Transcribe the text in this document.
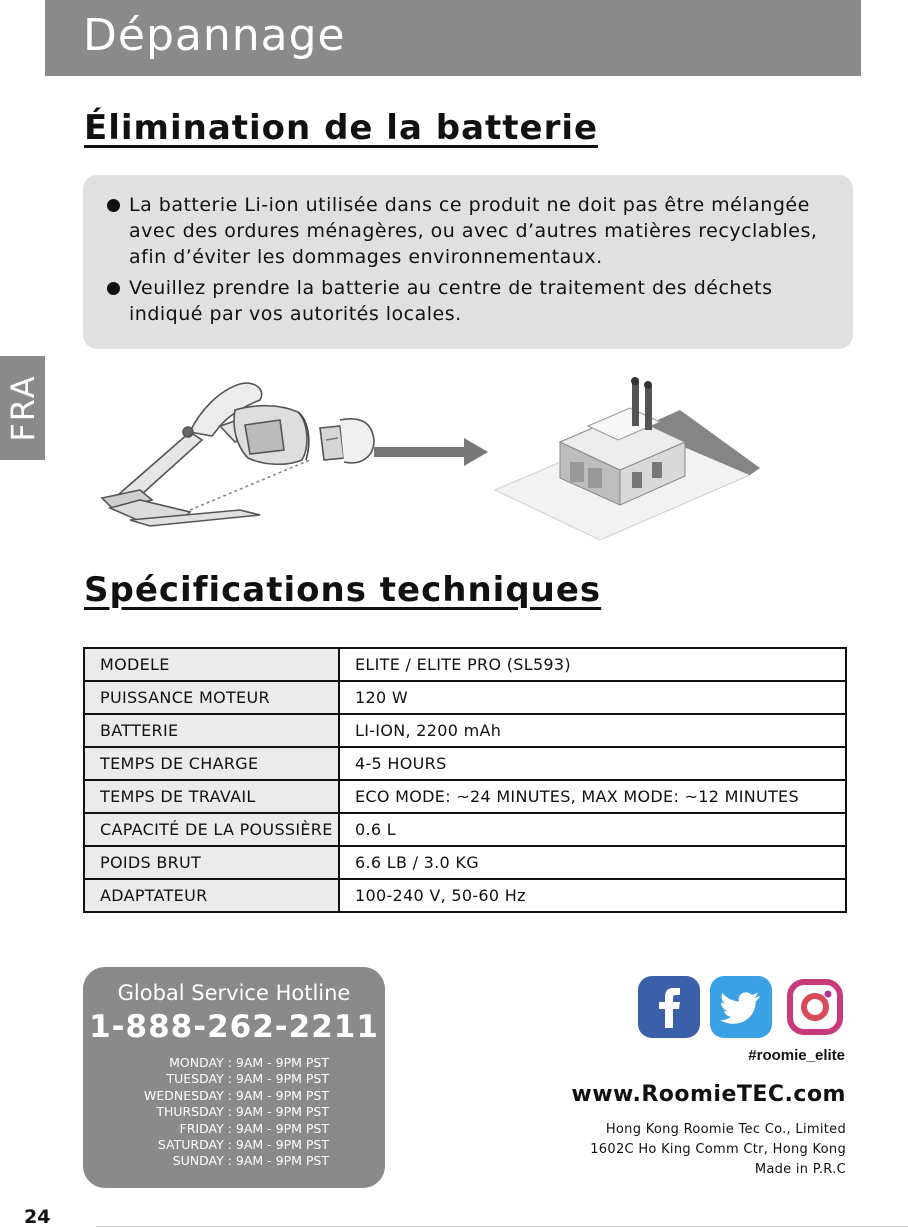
Dépannage
FRA
Élimination de la batterie
La batterie Li-ion utilisée dans ce produit ne doit pas être mélangée avec des ordures ménagères, ou avec d’autres matières recyclables, afin d’éviter les dommages environnementaux.
Veuillez prendre la batterie au centre de traitement des déchets indiqué par vos autorités locales.
Spécifications techniques
MODELE	ELITE / ELITE PRO (SL593)
PUISSANCE MOTEUR	120 W
BATTERIE	LI-ION, 2200 mAh
TEMPS DE CHARGE	4-5 HOURS
TEMPS DE TRAVAIL	ECO MODE: ~24 MINUTES, MAX MODE: ~12 MINUTES
CAPACITÉ DE LA POUSSIÈRE	0.6 L
POIDS BRUT	6.6 LB / 3.0 KG
ADAPTATEUR	100-240 V, 50-60 Hz
Global Service Hotline
1-888-262-2211
MONDAY : 9AM - 9PM PST
TUESDAY : 9AM - 9PM PST
WEDNESDAY : 9AM - 9PM PST
THURSDAY : 9AM - 9PM PST
FRIDAY : 9AM - 9PM PST
SATURDAY : 9AM - 9PM PST
SUNDAY : 9AM - 9PM PST
#roomie_elite
www.RoomieTEC.com
Hong Kong Roomie Tec Co., Limited
1602C Ho King Comm Ctr, Hong Kong
Made in P.R.C
24
